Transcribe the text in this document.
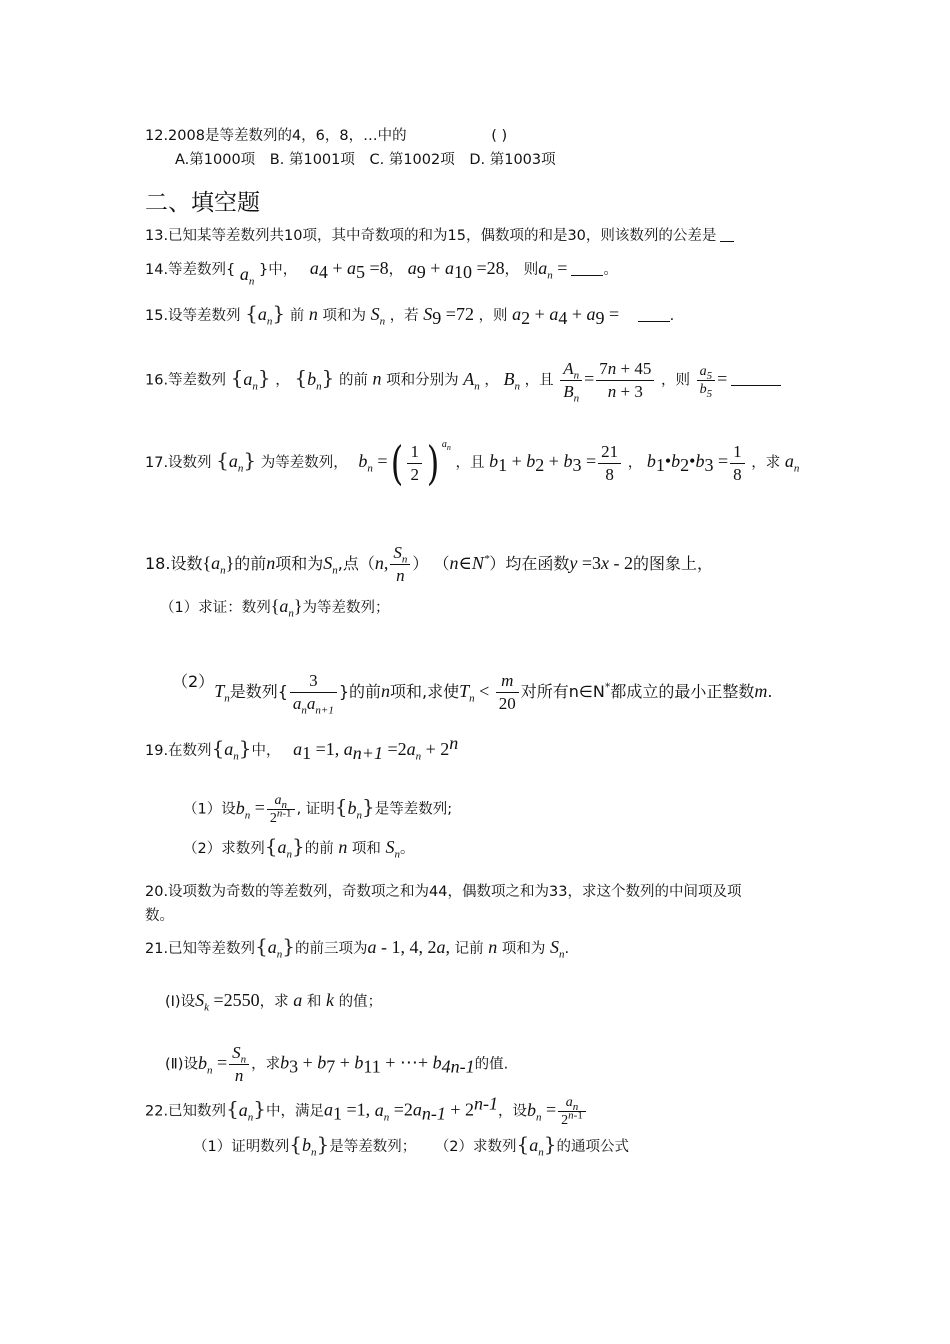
12.2008是等差数列的4，6，8，…中的	( )
A.第1000项 B. 第1001项 C. 第1002项 D. 第1003项
二、填空题
13.已知某等差数列共10项，其中奇数项的和为15，偶数项的和是30，则该数列的公差是
14.等差数列{ $a_n$ }中， $a_4 + a_5 =8$， $a_9 + a_{10} =28$， 则$a_n$ = 。
15.设等差数列 $\{a_n\}$ 前 n 项和为 $S_n$ ，若 $S_9 =72$ ，则 $a_2 + a_4 + a_9$ =	.
16.等差数列 $\{a_n\}$ ， $\{b_n\}$ 的前 n 项和分别为 $A_n$ ， $B_n$ ，且 $\frac{A_n}{B_n} = \frac{7n + 45}{n + 3}$ ，则 $\frac{a_5}{b_5}$ =
17.设数列 $\{a_n\}$ 为等差数列， $b_n$ =( $\frac{1}{2}$ ) $^{a_n}$ ，且 $b_1 + b_2 + b_3 = \frac{21}{8}$ ， $b_1•b_2•b_3 = \frac{1}{8}$ ，求 $a_n$
18.设数$\{a_n\}$的前n项和为$S_n$,点（n, $\frac{S_n}{n}$ ） （n∈N*）均在函数y =3x - 2的图象上，
（1）求证：数列$\{a_n\}$为等差数列；
$(2)T_n$是数列{ $\frac{3}{a_na_{n+1}}$ }的前n项和,求使$T_n < \frac{m}{20}$ 对所有n∈N*都成立的最小正整数m.
19.在数列$\{a_n\}$中， $a_1 =1$, $a_{n+1} =2a_n + 2^n$
（1）设$b_n = \frac{a_n}{2^{n-1}}$ , 证明$\{b_n\}$是等差数列;
（2）求数列$\{a_n\}$的前 n 项和 $S_n$。
20.设项数为奇数的等差数列，奇数项之和为44，偶数项之和为33，求这个数列的中间项及项
数。
21.已知等差数列$\{a_n\}$的前三项为a - 1, 4, 2a, 记前 n 项和为 $S_n$.
(Ⅰ)设$S_k =2550$，求 a 和 k 的值；
(Ⅱ)设$b_n = \frac{S_n}{n}$ ，求$b_3 + b_7 + b_{11}$ + ⋯+ $b_{4n-1}$的值.
22.已知数列$\{a_n\}$中，满足$a_1 =1$, $a_n =2a_{n-1} + 2^{n-1}$，设$b_n = \frac{a_n}{2^{n-1}}$
（1）证明数列$\{b_n\}$是等差数列； （2）求数列$\{a_n\}$的通项公式
